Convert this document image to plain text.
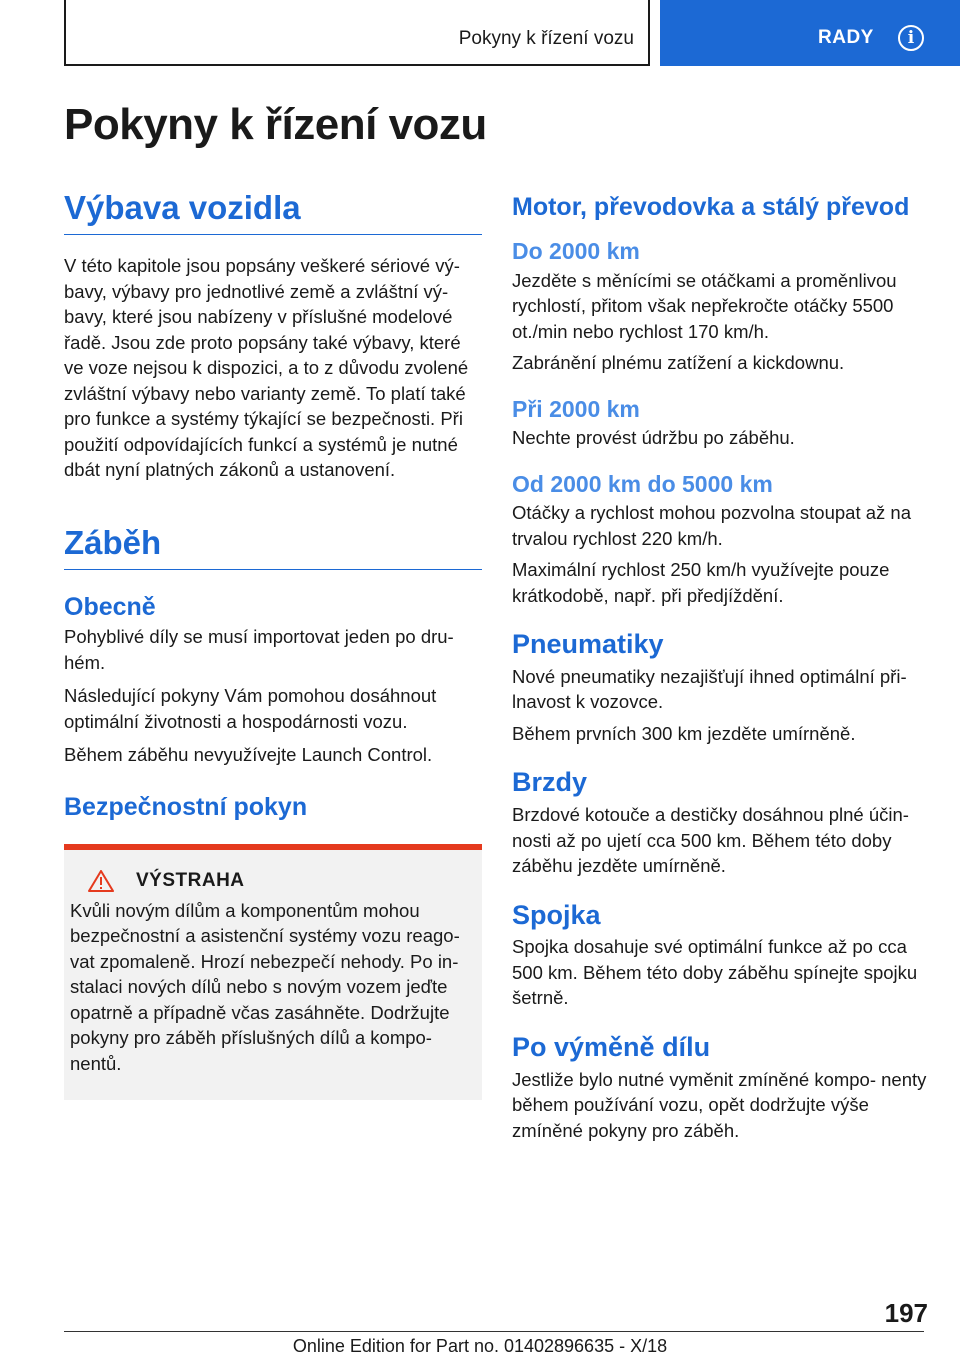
Pokyny k řízení vozu	RADY	i
Pokyny k řízení vozu
Výbava vozidla

V této kapitole jsou popsány veškeré sériové vý- bavy, výbavy pro jednotlivé země a zvláštní vý- bavy, které jsou nabízeny v příslušné modelové řadě. Jsou zde proto popsány také výbavy, které ve voze nejsou k dispozici, a to z důvodu zvolené zvláštní výbavy nebo varianty země. To platí také pro funkce a systémy týkající se bezpečnosti. Při použití odpovídajících funkcí a systémů je nutné dbát nyní platných zákonů a ustanovení.

Záběh
Obecně

Pohyblivé díly se musí importovat jeden po dru- hém.

Následující pokyny Vám pomohou dosáhnout optimální životnosti a hospodárnosti vozu.

Během záběhu nevyužívejte Launch Control.

Bezpečnostní pokyn
VÝSTRAHA

Kvůli novým dílům a komponentům mohou bezpečnostní a asistenční systémy vozu reago- vat zpomaleně. Hrozí nebezpečí nehody. Po in- stalaci nových dílů nebo s novým vozem jeďte opatrně a případně včas zasáhněte. Dodržujte pokyny pro záběh příslušných dílů a kompo- nentů.

Motor, převodovka a stálý převod
Do 2000 km

Jezděte s měnícími se otáčkami a proměnlivou rychlostí, přitom však nepřekročte otáčky 5500 ot./min nebo rychlost 170 km/h.

Zabránění plnému zatížení a kickdownu.

Při 2000 km

Nechte provést údržbu po záběhu.

Od 2000 km do 5000 km

Otáčky a rychlost mohou pozvolna stoupat až na trvalou rychlost 220 km/h.

Maximální rychlost 250 km/h využívejte pouze krátkodobě, např. při předjíždění.

Pneumatiky

Nové pneumatiky nezajišťují ihned optimální při- lnavost k vozovce.

Během prvních 300 km jezděte umírněně.

Brzdy

Brzdové kotouče a destičky dosáhnou plné účin- nosti až po ujetí cca 500 km. Během této doby záběhu jezděte umírněně.

Spojka

Spojka dosahuje své optimální funkce až po cca 500 km. Během této doby záběhu spínejte spojku šetrně.

Po výměně dílu

Jestliže bylo nutné vyměnit zmíněné kompo- nenty během používání vozu, opět dodržujte výše zmíněné pokyny pro záběh.

197
Online Edition for Part no. 01402896635 - X/18
